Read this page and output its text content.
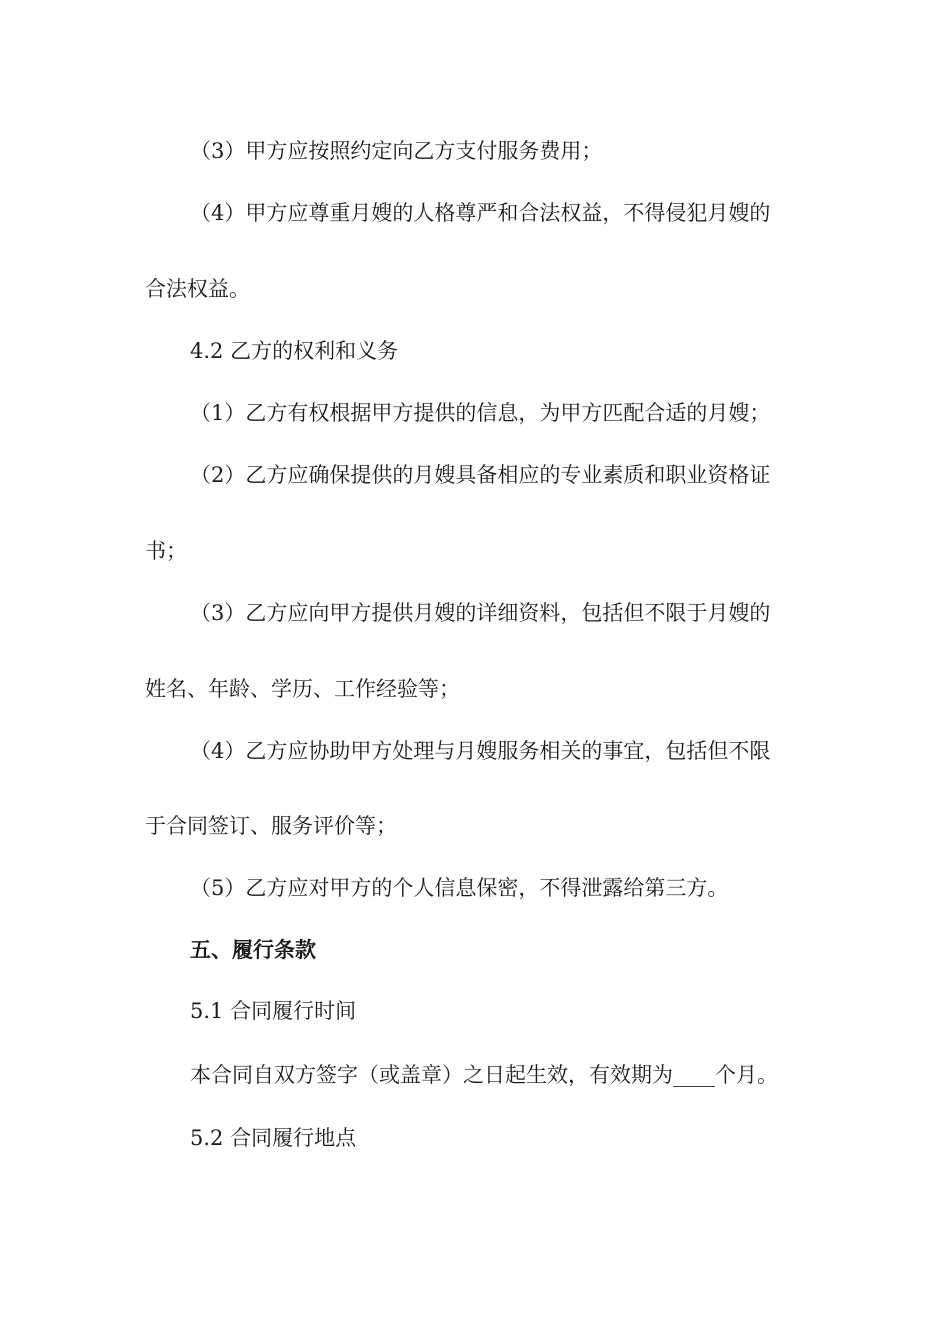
（3）甲方应按照约定向乙方支付服务费用；
（4）甲方应尊重月嫂的人格尊严和合法权益，不得侵犯月嫂的
合法权益。
4.2 乙方的权利和义务
（1）乙方有权根据甲方提供的信息，为甲方匹配合适的月嫂；
（2）乙方应确保提供的月嫂具备相应的专业素质和职业资格证
书；
（3）乙方应向甲方提供月嫂的详细资料，包括但不限于月嫂的
姓名、年龄、学历、工作经验等；
（4）乙方应协助甲方处理与月嫂服务相关的事宜，包括但不限
于合同签订、服务评价等；
（5）乙方应对甲方的个人信息保密，不得泄露给第三方。
五、履行条款
5.1 合同履行时间
本合同自双方签字（或盖章）之日起生效，有效期为____个月。
5.2 合同履行地点
